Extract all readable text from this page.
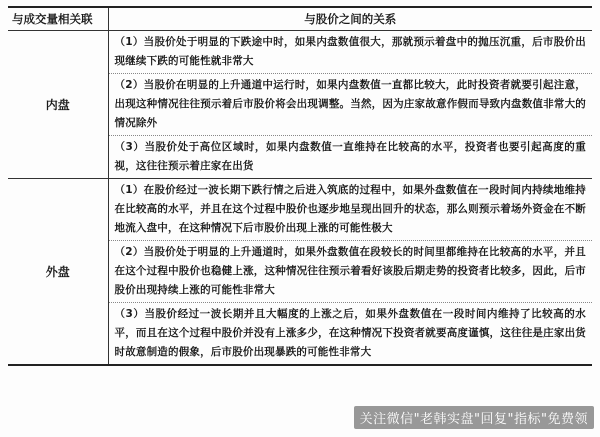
与成交量相关联	与股价之间的关系
内盘	（1）当股价处于明显的下跌途中时，如果内盘数值很大，那就预示着盘中的抛压沉重，后市股价出现继续下跌的可能性就非常大
（2）当股价在明显的上升通道中运行时，如果内盘数值一直都比较大，此时投资者就要引起注意，出现这种情况往往预示着后市股价将会出现调整。当然，因为庄家故意作假而导致内盘数值非常大的情况除外
（3）当股价处于高位区域时，如果内盘数值一直维持在比较高的水平，投资者也要引起高度的重视，这往往预示着庄家在出货

外盘	（1）在股价经过一波长期下跌行情之后进入筑底的过程中，如果外盘数值在一段时间内持续地维持在比较高的水平，并且在这个过程中股价也逐步地呈现出回升的状态，那么则预示着场外资金在不断地流入盘中，在这种情况下后市股价出现上涨的可能性极大
（2）当股价处于明显的上升通道时，如果外盘数值在段较长的时间里都维持在比较高的水平，并且在这个过程中股价也稳健上涨，这种情况往往预示着看好该股后期走势的投资者比较多，因此，后市股价出现持续上涨的可能性非常大
（3）当股价经过一波长期并且大幅度的上涨之后，如果外盘数值在一段时间内维持了比较高的水平，而且在这个过程中股价并没有上涨多少，在这种情况下投资者就要高度谨慎，这往往是庄家出货时故意制造的假象，后市股价出现暴跌的可能性非常大
关注微信"老韩实盘"回复"指标"免费领
